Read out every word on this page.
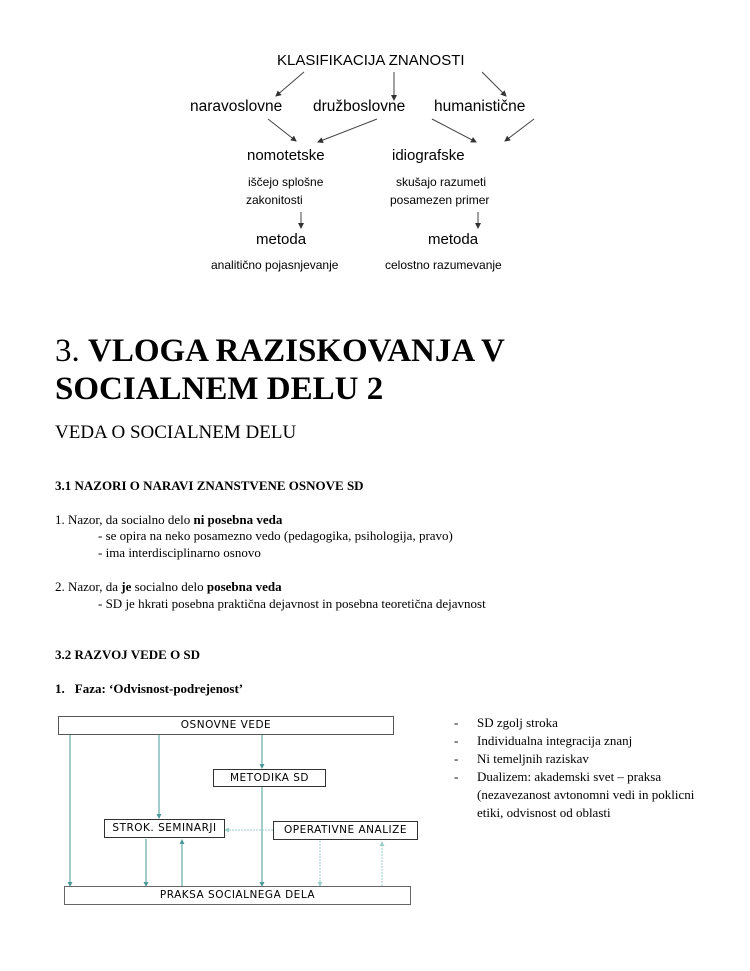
KLASIFIKACIJA ZNANOSTI
naravoslovne družboslovne humanistične
nomotetske	idiografske
iščejo splošne
zakonitosti
skušajo razumeti
posamezen primer
metoda	metoda
analitično pojasnjevanje	celostno razumevanje
3. VLOGA RAZISKOVANJA V
SOCIALNEM DELU 2
VEDA O SOCIALNEM DELU
3.1 NAZORI O NARAVI ZNANSTVENE OSNOVE SD
1. Nazor, da socialno delo ni posebna veda
- se opira na neko posamezno vedo (pedagogika, psihologija, pravo)
- ima interdisciplinarno osnovo
2. Nazor, da je socialno delo posebna veda
- SD je hkrati posebna praktična dejavnost in posebna teoretična dejavnost
3.2 RAZVOJ VEDE O SD
1. Faza: ‘Odvisnost-podrejenost’
OSNOVNE VEDE
METODIKA SD
STROK. SEMINARJI	OPERATIVNE ANALIZE
PRAKSA SOCIALNEGA DELA
-	SD zgolj stroka
-	Individualna integracija znanj
-	Ni temeljnih raziskav
-	Dualizem: akademski svet – praksa (nezavezanost avtonomni vedi in poklicni etiki, odvisnost od oblasti
